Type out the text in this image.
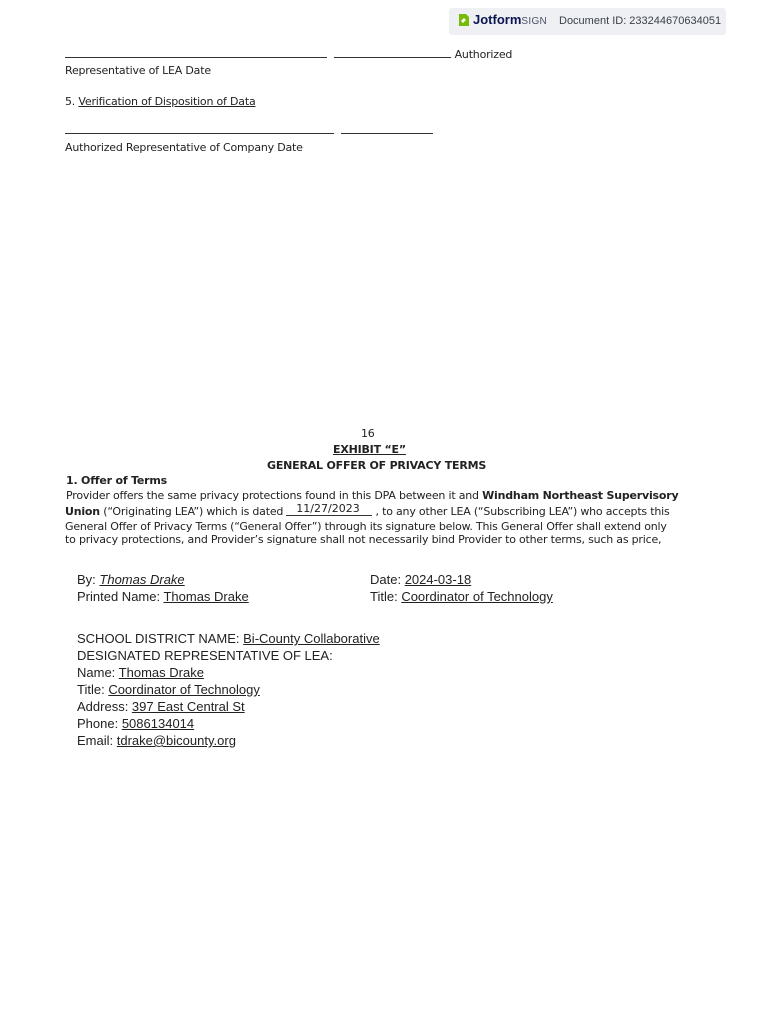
JotformSIGN Document ID: 233244670634051
Authorized
Representative of LEA Date
5. Verification of Disposition of Data

Authorized Representative of Company Date
16
EXHIBIT “E”
GENERAL OFFER OF PRIVACY TERMS
1. Offer of Terms
Provider offers the same privacy protections found in this DPA between it and Windham Northeast Supervisory
Union (“Originating LEA”) which is dated	, to any other LEA (“Subscribing LEA”) who accepts this
11/27/2023
General Offer of Privacy Terms (“General Offer”) through its signature below. This General Offer shall extend only
to privacy protections, and Provider’s signature shall not necessarily bind Provider to other terms, such as price,
By: Thomas Drake	Date: 2024-03-18
Printed Name: Thomas Drake	Title: Coordinator of Technology
SCHOOL DISTRICT NAME: Bi-County Collaborative
DESIGNATED REPRESENTATIVE OF LEA:
Name: Thomas Drake
Title: Coordinator of Technology
Address: 397 East Central St
Phone: 5086134014
Email: tdrake@bicounty.org
